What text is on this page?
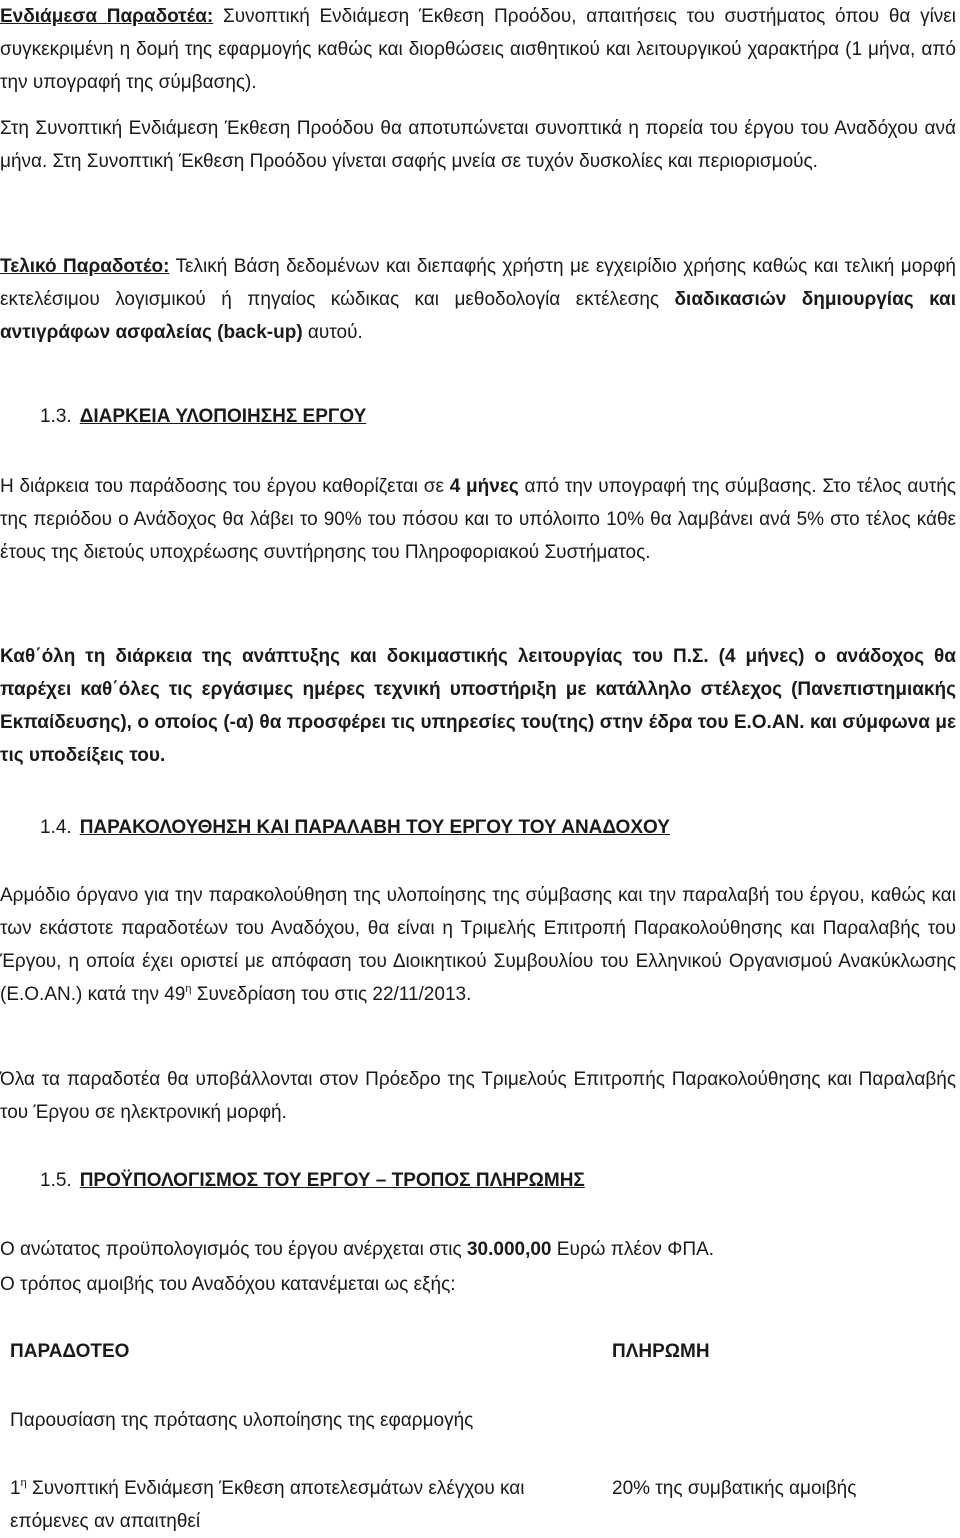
Ενδιάμεσα Παραδοτέα: Συνοπτική Ενδιάμεση Έκθεση Προόδου, απαιτήσεις του συστήματος όπου θα γίνει συγκεκριμένη η δομή της εφαρμογής καθώς και διορθώσεις αισθητικού και λειτουργικού χαρακτήρα (1 μήνα, από την υπογραφή της σύμβασης).

Στη Συνοπτική Ενδιάμεση Έκθεση Προόδου θα αποτυπώνεται συνοπτικά η πορεία του έργου του Αναδόχου ανά μήνα. Στη Συνοπτική Έκθεση Προόδου γίνεται σαφής μνεία σε τυχόν δυσκολίες και περιορισμούς.

Τελικό Παραδοτέο: Τελική Βάση δεδομένων και διεπαφής χρήστη με εγχειρίδιο χρήσης καθώς και τελική μορφή εκτελέσιμου λογισμικού ή πηγαίος κώδικας και μεθοδολογία εκτέλεσης διαδικασιών δημιουργίας και αντιγράφων ασφαλείας (back-up) αυτού.

1.3. ΔΙΑΡΚΕΙΑ ΥΛΟΠΟΙΗΣΗΣ ΕΡΓΟΥ

Η διάρκεια του παράδοσης του έργου καθορίζεται σε 4 μήνες από την υπογραφή της σύμβασης. Στο τέλος αυτής της περιόδου ο Ανάδοχος θα λάβει το 90% του πόσου και το υπόλοιπο 10% θα λαμβάνει ανά 5% στο τέλος κάθε έτους της διετούς υποχρέωσης συντήρησης του Πληροφοριακού Συστήματος.

Καθ΄όλη τη διάρκεια της ανάπτυξης και δοκιμαστικής λειτουργίας του Π.Σ. (4 μήνες) ο ανάδοχος θα παρέχει καθ΄όλες τις εργάσιμες ημέρες τεχνική υποστήριξη με κατάλληλο στέλεχος (Πανεπιστημιακής Εκπαίδευσης), ο οποίος (-α) θα προσφέρει τις υπηρεσίες του(της) στην έδρα του Ε.Ο.ΑΝ. και σύμφωνα με τις υποδείξεις του.

1.4. ΠΑΡΑΚΟΛΟΥΘΗΣΗ ΚΑΙ ΠΑΡΑΛΑΒΗ ΤΟΥ ΕΡΓΟΥ ΤΟΥ ΑΝΑΔΟΧΟΥ

Αρμόδιο όργανο για την παρακολούθηση της υλοποίησης της σύμβασης και την παραλαβή του έργου, καθώς και των εκάστοτε παραδοτέων του Αναδόχου, θα είναι η Τριμελής Επιτροπή Παρακολούθησης και Παραλαβής του Έργου, η οποία έχει οριστεί με απόφαση του Διοικητικού Συμβουλίου του Ελληνικού Οργανισμού Ανακύκλωσης (Ε.Ο.ΑΝ.) κατά την $49^\eta$ Συνεδρίαση του στις 22/11/2013.

Όλα τα παραδοτέα θα υποβάλλονται στον Πρόεδρο της Τριμελούς Επιτροπής Παρακολούθησης και Παραλαβής του Έργου σε ηλεκτρονική μορφή.

1.5. ΠΡΟΫΠΟΛΟΓΙΣΜΟΣ ΤΟΥ ΕΡΓΟΥ – ΤΡΟΠΟΣ ΠΛΗΡΩΜΗΣ

Ο ανώτατος προϋπολογισμός του έργου ανέρχεται στις 30.000,00 Ευρώ πλέον ΦΠΑ.

Ο τρόπος αμοιβής του Αναδόχου κατανέμεται ως εξής:

ΠΑΡΑΔΟΤΕΟ	ΠΛΗΡΩΜΗ
Παρουσίαση της πρότασης υλοποίησης της εφαρμογής
$1^\eta$ Συνοπτική Ενδιάμεση Έκθεση αποτελεσμάτων ελέγχου και επόμενες αν απαιτηθεί
20% της συμβατικής αμοιβής
